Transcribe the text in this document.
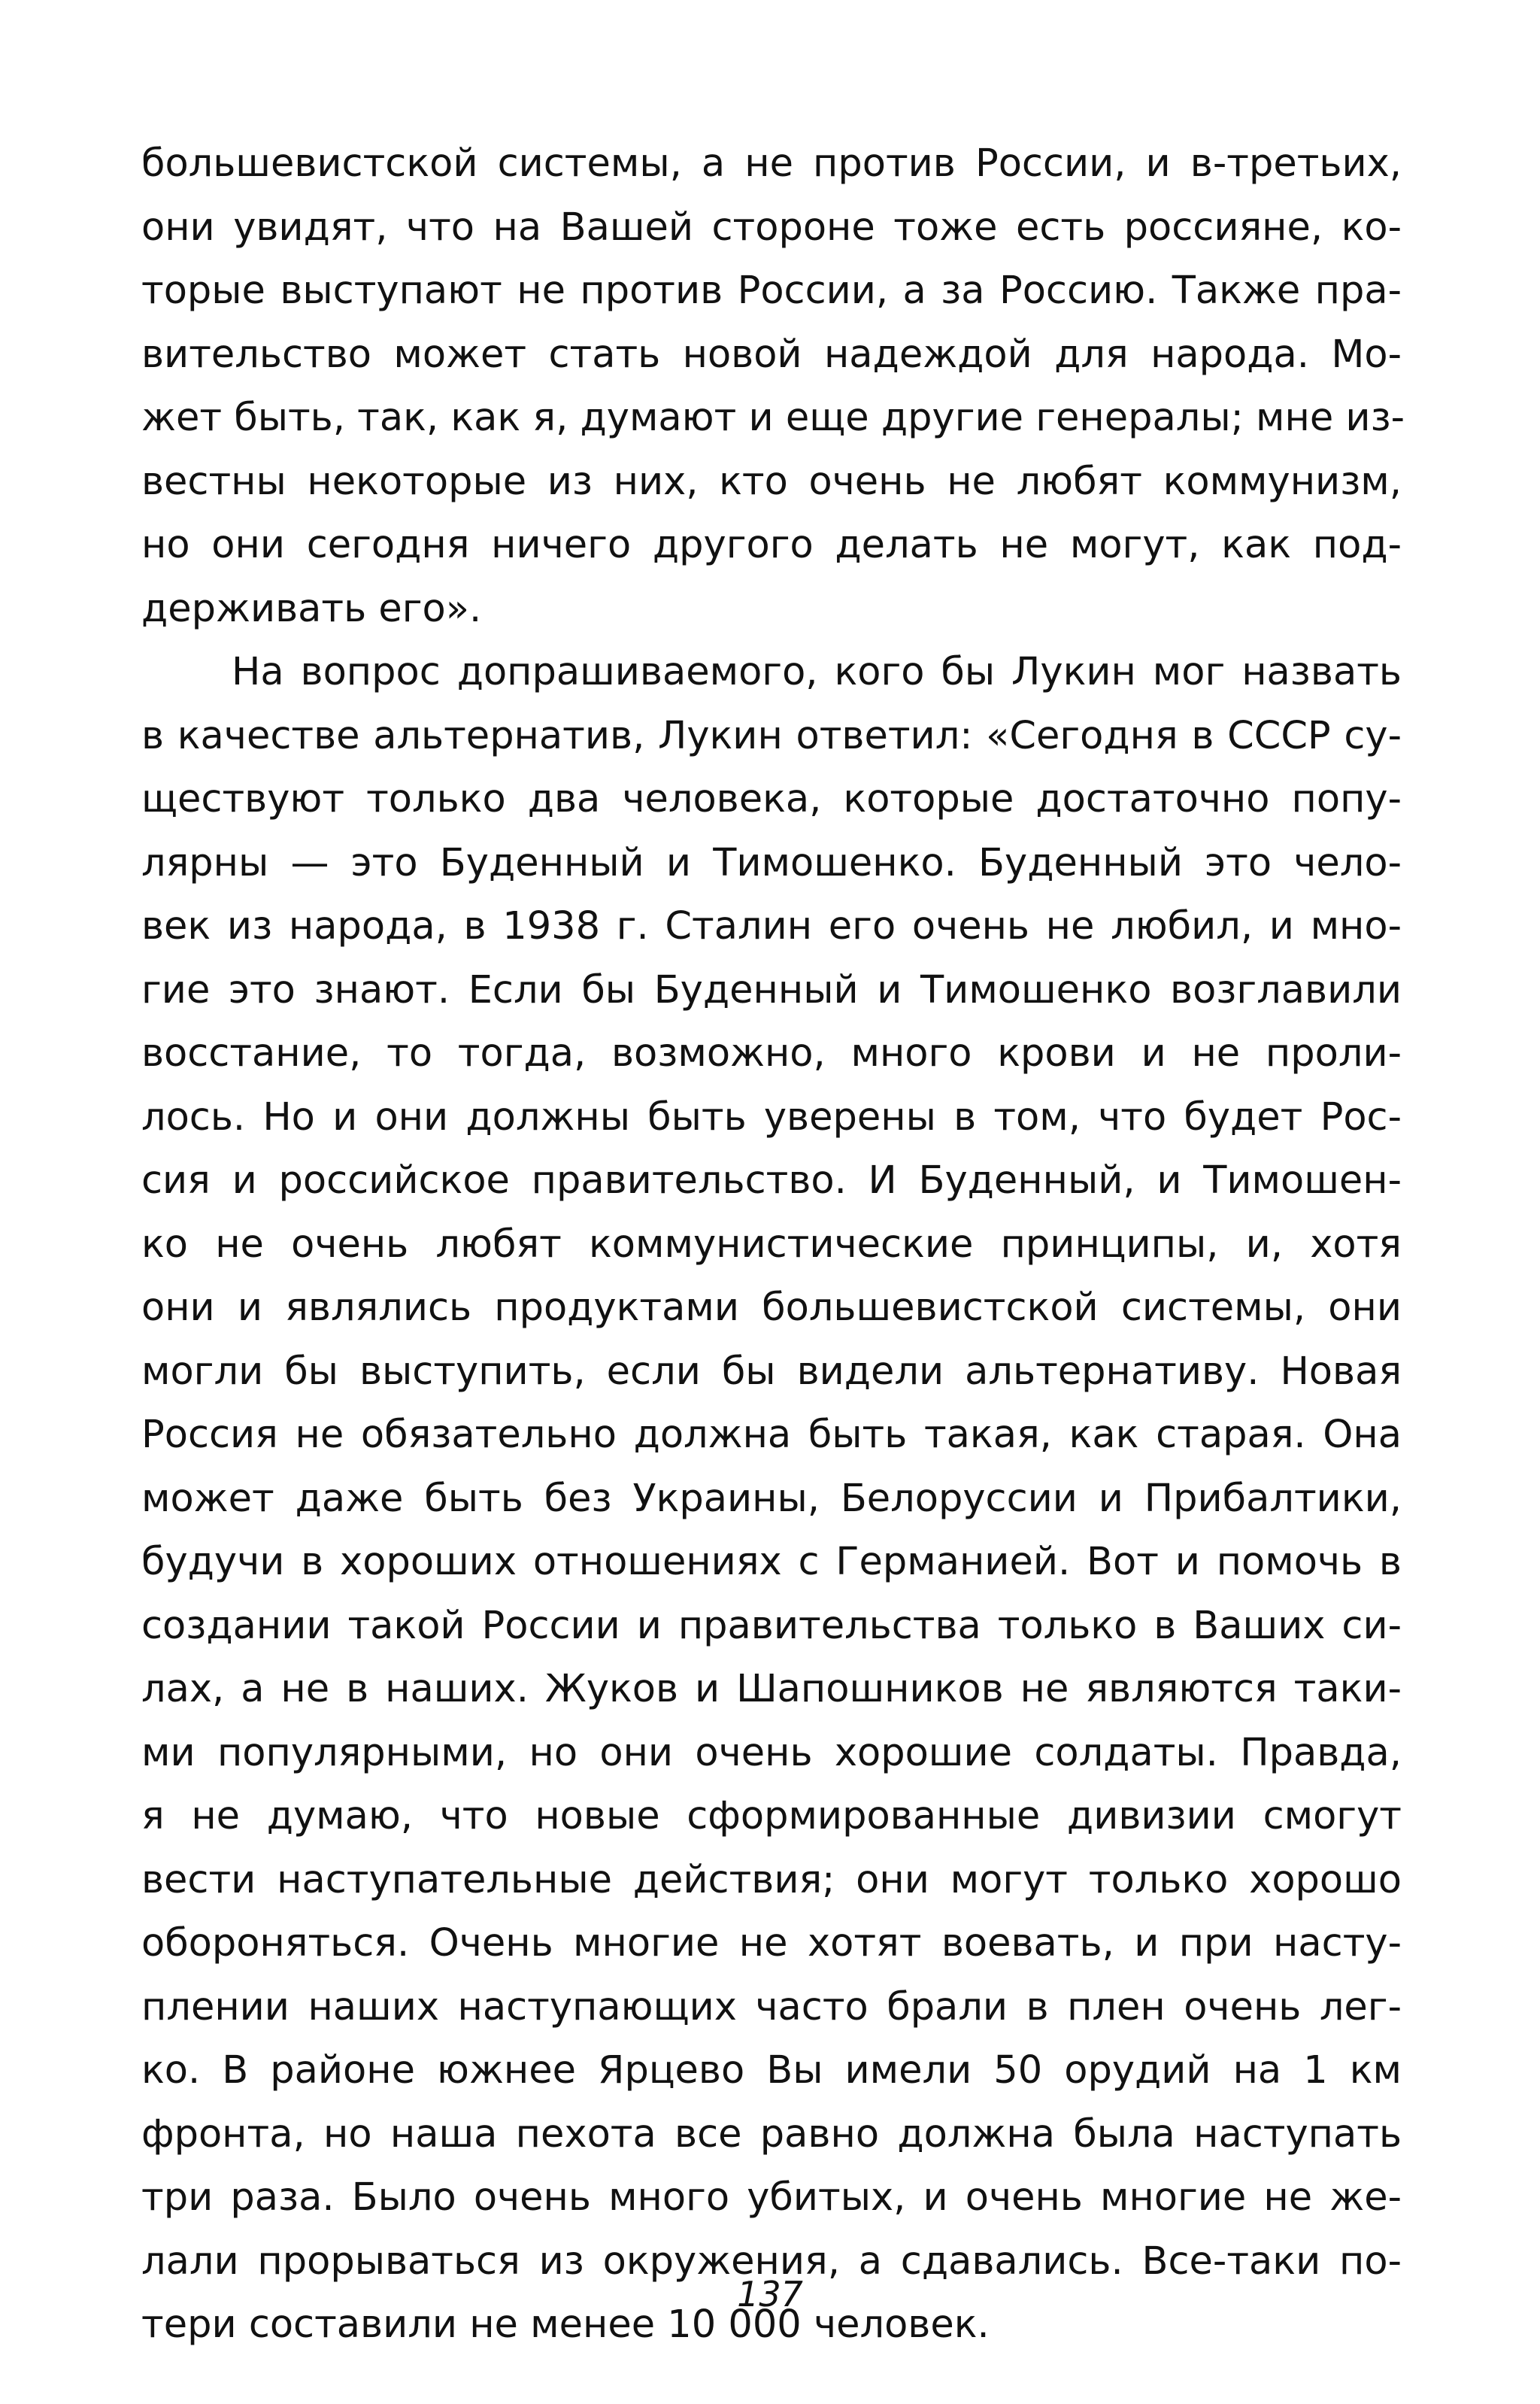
большевистской системы, а не против России, и в-третьих,
они увидят, что на Вашей стороне тоже есть россияне, ко-
торые выступают не против России, а за Россию. Также пра-
вительство может стать новой надеждой для народа. Мо-
жет быть, так, как я, думают и еще другие генералы; мне из-
вестны некоторые из них, кто очень не любят коммунизм,
но они сегодня ничего другого делать не могут, как под-
держивать его».
На вопрос допрашиваемого, кого бы Лукин мог назвать
в качестве альтернатив, Лукин ответил: «Сегодня в СССР су-
ществуют только два человека, которые достаточно попу-
лярны — это Буденный и Тимошенко. Буденный это чело-
век из народа, в 1938 г. Сталин его очень не любил, и мно-
гие это знают. Если бы Буденный и Тимошенко возглавили
восстание, то тогда, возможно, много крови и не проли-
лось. Но и они должны быть уверены в том, что будет Рос-
сия и российское правительство. И Буденный, и Тимошен-
ко не очень любят коммунистические принципы, и, хотя
они и являлись продуктами большевистской системы, они
могли бы выступить, если бы видели альтернативу. Новая
Россия не обязательно должна быть такая, как старая. Она
может даже быть без Украины, Белоруссии и Прибалтики,
будучи в хороших отношениях с Германией. Вот и помочь в
создании такой России и правительства только в Ваших си-
лах, а не в наших. Жуков и Шапошников не являются таки-
ми популярными, но они очень хорошие солдаты. Правда,
я не думаю, что новые сформированные дивизии смогут
вести наступательные действия; они могут только хорошо
обороняться. Очень многие не хотят воевать, и при насту-
плении наших наступающих часто брали в плен очень лег-
ко. В районе южнее Ярцево Вы имели 50 орудий на 1 км
фронта, но наша пехота все равно должна была наступать
три раза. Было очень много убитых, и очень многие не же-
лали прорываться из окружения, а сдавались. Все-таки по-
тери составили не менее 10 000 человек.
137
